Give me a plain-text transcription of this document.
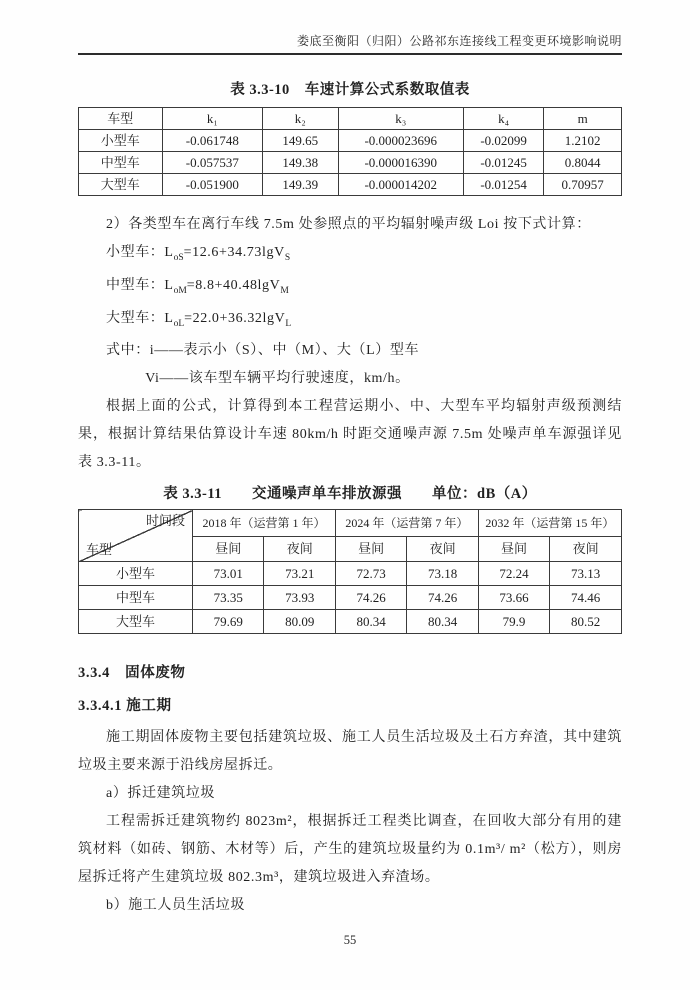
娄底至衡阳（归阳）公路祁东连接线工程变更环境影响说明
表 3.3-10　车速计算公式系数取值表
车型	k₁	k₂	k₃	k₄	m
小型车	-0.061748	149.65	-0.000023696	-0.02099	1.2102
中型车	-0.057537	149.38	-0.000016390	-0.01245	0.8044
大型车	-0.051900	149.39	-0.000014202	-0.01254	0.70957
2）各类型车在离行车线 7.5m 处参照点的平均辐射噪声级 Loi 按下式计算：
小型车：$L_{oS}=12.6+34.73\lg V_S$
中型车：$L_{oM}=8.8+40.48\lg V_M$
大型车：$L_{oL}=22.0+36.32\lg V_L$
式中：i——表示小（S）、中（M）、大（L）型车
Vi——该车型车辆平均行驶速度，km/h。
根据上面的公式，计算得到本工程营运期小、中、大型车平均辐射声级预测结果，根据计算结果估算设计车速 80km/h 时距交通噪声源 7.5m 处噪声单车源强详见表 3.3-11。
表 3.3-11　　交通噪声单车排放源强　　单位：dB（A）
时间段
车型	2018 年（运营第 1 年）		2024 年（运营第 7 年）		2032 年（运营第 15 年）	
	昼间	夜间	昼间	夜间	昼间	夜间
小型车	73.01	73.21	72.73	73.18	72.24	73.13
中型车	73.35	73.93	74.26	74.26	73.66	74.46
大型车	79.69	80.09	80.34	80.34	79.9	80.52
3.3.4　固体废物
3.3.4.1 施工期
施工期固体废物主要包括建筑垃圾、施工人员生活垃圾及土石方弃渣，其中建筑垃圾主要来源于沿线房屋拆迁。
a）拆迁建筑垃圾
工程需拆迁建筑物约 8023m²，根据拆迁工程类比调查，在回收大部分有用的建筑材料（如砖、钢筋、木材等）后，产生的建筑垃圾量约为 0.1m³/ m²（松方），则房屋拆迁将产生建筑垃圾 802.3m³，建筑垃圾进入弃渣场。
b）施工人员生活垃圾
55
